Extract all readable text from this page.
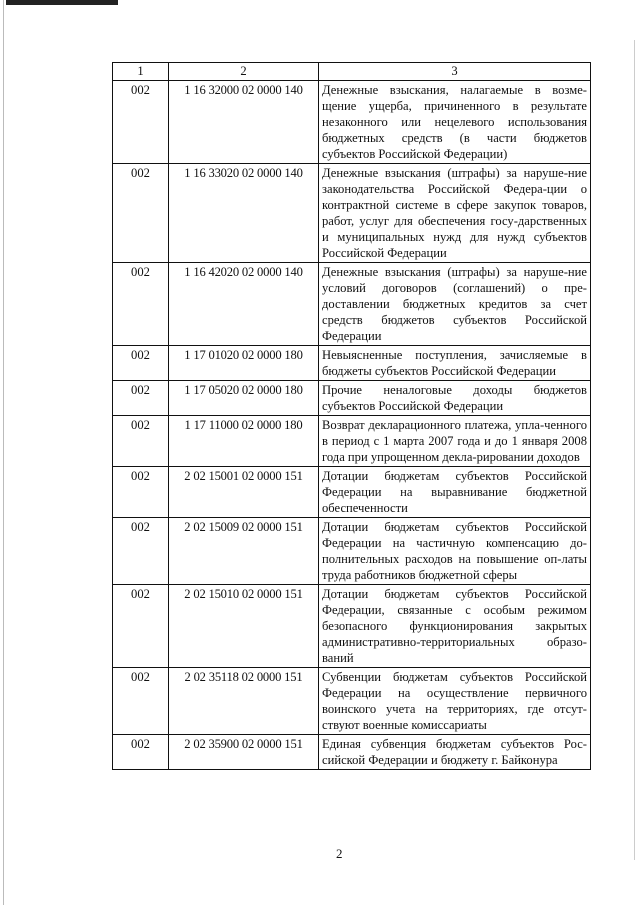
1	2	3
002	1 16 32000 02 0000 140	Денежные взыскания, налагаемые в возме-щение ущерба, причиненного в результате незаконного или нецелевого использования бюджетных средств (в части бюджетов субъектов Российской Федерации)
002	1 16 33020 02 0000 140	Денежные взыскания (штрафы) за наруше-ние законодательства Российской Федера-ции о контрактной системе в сфере закупок товаров, работ, услуг для обеспечения госу-дарственных и муниципальных нужд для нужд субъектов Российской Федерации
002	1 16 42020 02 0000 140	Денежные взыскания (штрафы) за наруше-ние условий договоров (соглашений) о пре-доставлении бюджетных кредитов за счет средств бюджетов субъектов Российской Федерации
002	1 17 01020 02 0000 180	Невыясненные поступления, зачисляемые в бюджеты субъектов Российской Федерации
002	1 17 05020 02 0000 180	Прочие неналоговые доходы бюджетов субъектов Российской Федерации
002	1 17 11000 02 0000 180	Возврат декларационного платежа, упла-ченного в период с 1 марта 2007 года и до 1 января 2008 года при упрощенном декла-рировании доходов
002	2 02 15001 02 0000 151	Дотации бюджетам субъектов Российской Федерации на выравнивание бюджетной обеспеченности
002	2 02 15009 02 0000 151	Дотации бюджетам субъектов Российской Федерации на частичную компенсацию до-полнительных расходов на повышение оп-латы труда работников бюджетной сферы
002	2 02 15010 02 0000 151	Дотации бюджетам субъектов Российской Федерации, связанные с особым режимом безопасного функционирования закрытых административно-территориальных образо-ваний
002	2 02 35118 02 0000 151	Субвенции бюджетам субъектов Российской Федерации на осуществление первичного воинского учета на территориях, где отсут-ствуют военные комиссариаты
002	2 02 35900 02 0000 151	Единая субвенция бюджетам субъектов Рос-сийской Федерации и бюджету г. Байконура
2
